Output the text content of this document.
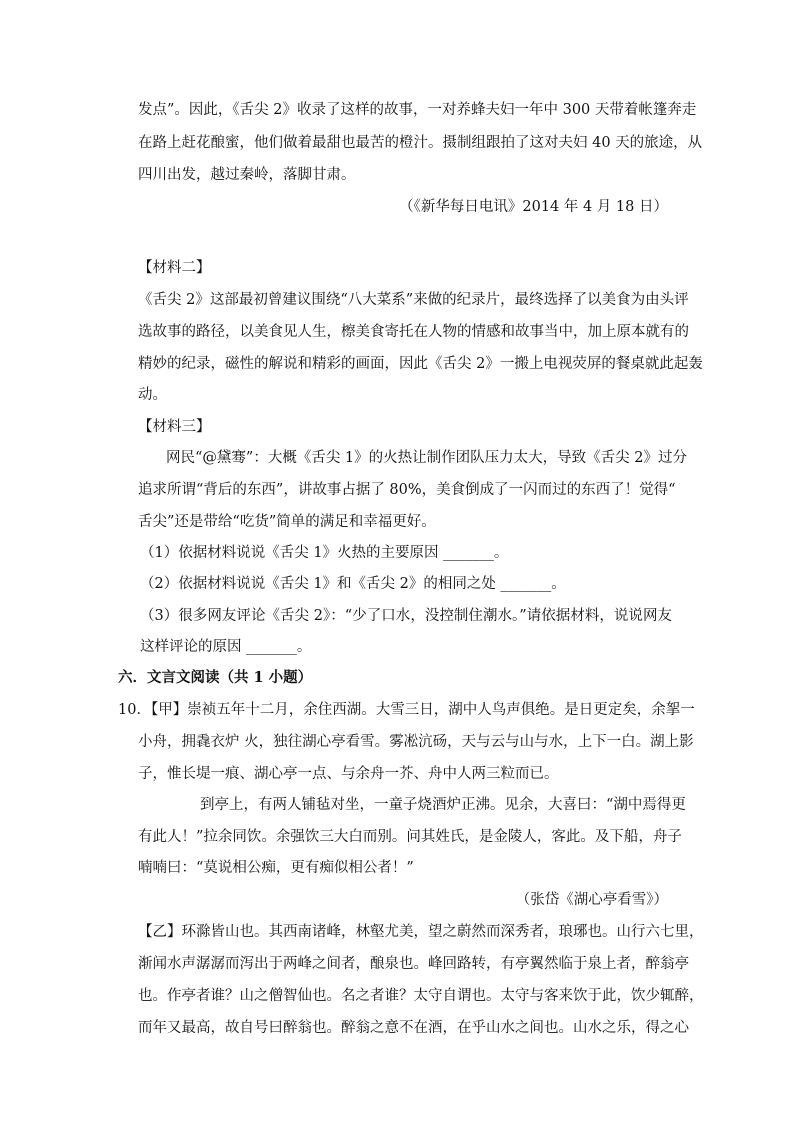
发点”。因此，《舌尖 2》收录了这样的故事，一对养蜂夫妇一年中 300 天带着帐篷奔走
在路上赶花酿蜜，他们做着最甜也最苦的橙汁。摄制组跟拍了这对夫妇 40 天的旅途，从
四川出发，越过秦岭，落脚甘肃。
（《新华每日电讯》2014 年 4 月 18 日）
【材料二】
《舌尖 2》这部最初曾建议围绕“八大菜系”来做的纪录片，最终选择了以美食为由头评
选故事的路径，以美食见人生，檫美食寄托在人物的情感和故事当中，加上原本就有的
精妙的纪录，磁性的解说和精彩的画面，因此《舌尖 2》一搬上电视荧屏的餐桌就此起轰
动。
【材料三】
网民“@黛骞”：大概《舌尖 1》的火热让制作团队压力太大，导致《舌尖 2》过分
追求所谓“背后的东西”，讲故事占据了 80%，美食倒成了一闪而过的东西了！觉得“
舌尖”还是带给“吃货”简单的满足和幸福更好。
（1）依据材料说说《舌尖 1》火热的主要原因 _______。
（2）依据材料说说《舌尖 1》和《舌尖 2》的相同之处 _______。
（3）很多网友评论《舌尖 2》：“少了口水，没控制住潮水。”请依据材料，说说网友
这样评论的原因 _______。
六．文言文阅读（共 1 小题）
10．【甲】崇祯五年十二月，余住西湖。大雪三日，湖中人鸟声俱绝。是日更定矣，余挐一
小舟，拥毳衣炉 火，独往湖心亭看雪。雾凇沆砀，天与云与山与水，上下一白。湖上影
子，惟长堤一痕、湖心亭一点、与余舟一芥、舟中人两三粒而已。
到亭上，有两人铺毡对坐，一童子烧酒炉正沸。见余，大喜曰：“湖中焉得更
有此人！”拉余同饮。余强饮三大白而别。问其姓氏，是金陵人，客此。及下船，舟子
喃喃曰：“莫说相公痴，更有痴似相公者！”
（张岱《湖心亭看雪》）
【乙】环滁皆山也。其西南诸峰，林壑尤美，望之蔚然而深秀者，琅琊也。山行六七里，
渐闻水声潺潺而泻出于两峰之间者，酿泉也。峰回路转，有亭翼然临于泉上者，醉翁亭
也。作亭者谁？山之僧智仙也。名之者谁？太守自谓也。太守与客来饮于此，饮少辄醉，
而年又最高，故自号曰醉翁也。醉翁之意不在酒，在乎山水之间也。山水之乐，得之心
